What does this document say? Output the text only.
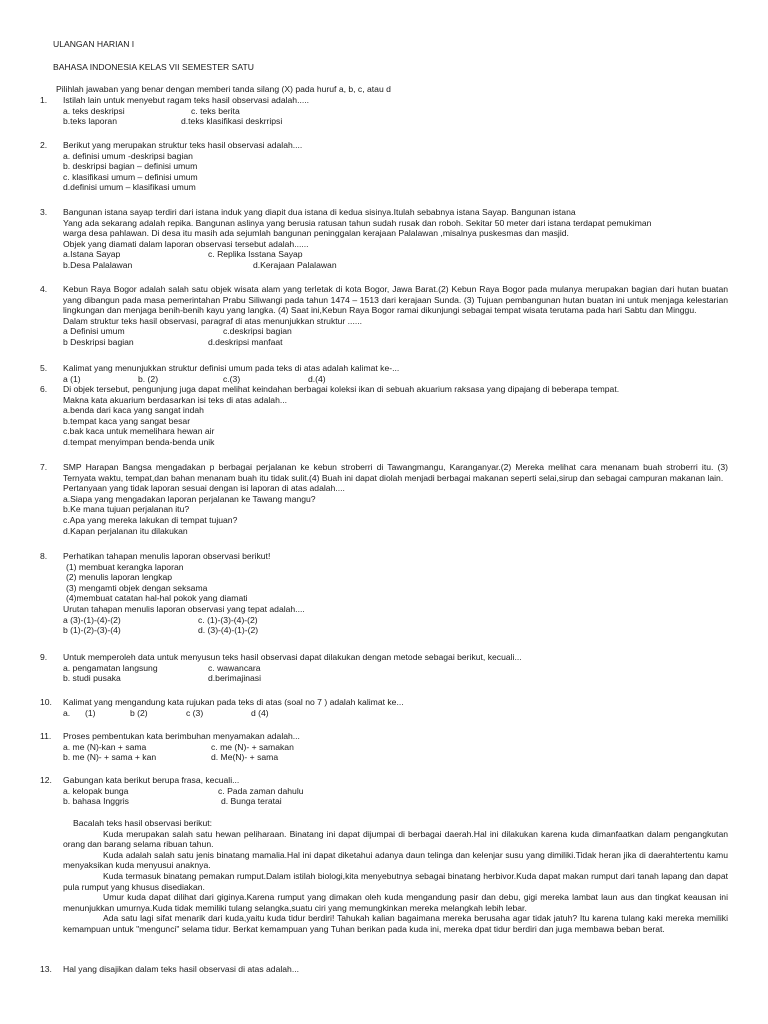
ULANGAN HARIAN I
BAHASA INDONESIA KELAS VII SEMESTER SATU
Pilihlah jawaban yang benar dengan memberi tanda silang (X) pada huruf a, b, c, atau d
1. Istilah lain untuk menyebut ragam teks hasil observasi adalah.....
a. teks deskripsi	c. teks berita
b.teks laporan	d.teks klasifikasi deskrripsi
2. Berikut yang merupakan struktur teks hasil observasi adalah....
a. definisi umum -deskripsi bagian
b. deskripsi bagian – definisi umum
c. klasifikasi umum – definisi umum
d.definisi umum – klasifikasi umum
3. Bangunan istana sayap terdiri dari istana induk yang diapit dua istana di kedua sisinya.Itulah sebabnya istana Sayap. Bangunan istana
Yang ada sekarang adalah repika. Bangunan aslinya yang berusia ratusan tahun sudah rusak dan roboh. Sekitar 50 meter dari istana terdapat pemukiman
warga desa pahlawan. Di desa itu masih ada sejumlah bangunan peninggalan kerajaan Palalawan ,misalnya puskesmas dan masjid.
Objek yang diamati dalam laporan observasi tersebut adalah......
a.Istana Sayap	c. Replika Isstana Sayap
b.Desa Palalawan	d.Kerajaan Palalawan
4. Kebun Raya Bogor adalah salah satu objek wisata alam yang terletak di kota Bogor, Jawa Barat.(2) Kebun Raya Bogor pada mulanya merupakan bagian dari hutan buatan yang dibangun pada masa pemerintahan Prabu Siliwangi pada tahun 1474 – 1513 dari kerajaan Sunda. (3) Tujuan pembangunan hutan buatan ini untuk menjaga kelestarian lingkungan dan menjaga benih-benih kayu yang langka. (4) Saat ini,Kebun Raya Bogor ramai dikunjungi sebagai tempat wisata terutama pada hari Sabtu dan Minggu.
Dalam struktur teks hasil observasi, paragraf di atas menunjukkan struktur ......
a Definisi umum	c.deskripsi bagian
b Deskripsi bagian	d.deskripsi manfaat
5. Kalimat yang menunjukkan struktur definisi umum pada teks di atas adalah kalimat ke-...
a (1)	b. (2)	c.(3)	d.(4)
6. Di objek tersebut, pengunjung juga dapat melihat keindahan berbagai koleksi ikan di sebuah akuarium raksasa yang dipajang di beberapa tempat.
Makna kata akuarium berdasarkan isi teks di atas adalah...
a.benda dari kaca yang sangat indah
b.tempat kaca yang sangat besar
c.bak kaca untuk memelihara hewan air
d.tempat menyimpan benda-benda unik
7. SMP Harapan Bangsa mengadakan p berbagai perjalanan ke kebun stroberri di Tawangmangu, Karanganyar.(2) Mereka melihat cara menanam buah stroberri itu. (3) Ternyata waktu, tempat,dan bahan menanam buah itu tidak sulit.(4) Buah ini dapat diolah menjadi berbagai makanan seperti selai,sirup dan sebagai campuran makanan lain.
Pertanyaan yang tidak laporan sesuai dengan isi laporan di atas adalah....
a.Siapa yang mengadakan laporan perjalanan ke Tawang mangu?
b.Ke mana tujuan perjalanan itu?
c.Apa yang mereka lakukan di tempat tujuan?
d.Kapan perjalanan itu dilakukan
8. Perhatikan tahapan menulis laporan observasi berikut!
(1) membuat kerangka laporan
(2) menulis laporan lengkap
(3) mengamti objek dengan seksama
(4)membuat catatan hal-hal pokok yang diamati
Urutan tahapan menulis laporan observasi yang tepat adalah....
a (3)-(1)-(4)-(2)	c. (1)-(3)-(4)-(2)
b (1)-(2)-(3)-(4)	d. (3)-(4)-(1)-(2)
9. Untuk memperoleh data untuk menyusun teks hasil observasi dapat dilakukan dengan metode sebagai berikut, kecuali...
a. pengamatan langsung	c. wawancara
b. studi pusaka	d.berimajinasi
10. Kalimat yang mengandung kata rujukan pada teks di atas (soal no 7 ) adalah kalimat ke...
a. (1)	b (2)	c (3)	d (4)
11. Proses pembentukan kata berimbuhan menyamakan adalah...
a. me (N)-kan + sama	c. me (N)- + samakan
b. me (N)- + sama + kan	d. Me(N)- + sama
12. Gabungan kata berikut berupa frasa, kecuali...
a. kelopak bunga	c. Pada zaman dahulu
b. bahasa Inggris	d. Bunga teratai
Bacalah teks hasil observasi berikut:

Kuda merupakan salah satu hewan peliharaan. Binatang ini dapat dijumpai di berbagai daerah.Hal ini dilakukan karena kuda dimanfaatkan dalam pengangkutan orang dan barang selama ribuan tahun.

Kuda adalah salah satu jenis binatang mamalia.Hal ini dapat diketahui adanya daun telinga dan kelenjar susu yang dimiliki.Tidak heran jika di daerahtertentu kamu menyaksikan kuda menyusui anaknya.

Kuda termasuk binatang pemakan rumput.Dalam istilah biologi,kita menyebutnya sebagai binatang herbivor.Kuda dapat makan rumput dari tanah lapang dan dapat pula rumput yang khusus disediakan.

Umur kuda dapat dilihat dari giginya.Karena rumput yang dimakan oleh kuda mengandung pasir dan debu, gigi mereka lambat laun aus dan tingkat keausan ini menunjukkan umurnya.Kuda tidak memiliki tulang selangka,suatu ciri yang memungkinkan mereka melangkah lebih lebar.

Ada satu lagi sifat menarik dari kuda,yaitu kuda tidur berdiri! Tahukah kalian bagaimana mereka berusaha agar tidak jatuh? Itu karena tulang kaki mereka memiliki kemampuan untuk "mengunci" selama tidur. Berkat kemampuan yang Tuhan berikan pada kuda ini, mereka dpat tidur berdiri dan juga membawa beban berat.

13. Hal yang disajikan dalam teks hasil observasi di atas adalah...
